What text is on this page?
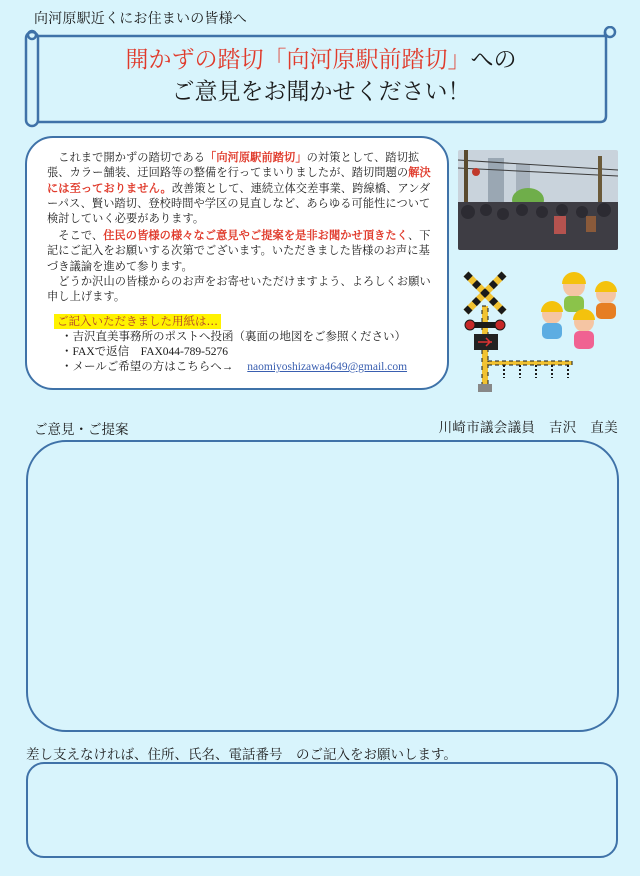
向河原駅近くにお住まいの皆様へ
開かずの踏切「向河原駅前踏切」への
ご意見をお聞かせください！
　これまで開かずの踏切である「向河原駅前踏切」の対策として、踏切拡張、カラー舗装、迂回路等の整備を行ってまいりましたが、踏切問題の解決には至っておりません。改善策として、連続立体交差事業、跨線橋、アンダーパス、賢い踏切、登校時間や学区の見直しなど、あらゆる可能性について検討していく必要があります。
　そこで、住民の皆様の様々なご意見やご提案を是非お聞かせ頂きたく、下記にご記入をお願いする次第でございます。いただきました皆様のお声に基づき議論を進めて参ります。
　どうか沢山の皆様からのお声をお寄せいただけますよう、よろしくお願い申し上げます。
ご記入いただきました用紙は…
・吉沢直美事務所のポストへ投函（裏面の地図をご参照ください）
・FAXで返信　FAX044-789-5276
・メールご希望の方はこちらへ→ naomiyoshizawa4649@gmail.com
ご意見・ご提案	川崎市議会議員　吉沢　直美
差し支えなければ、住所、氏名、電話番号　のご記入をお願いします。
